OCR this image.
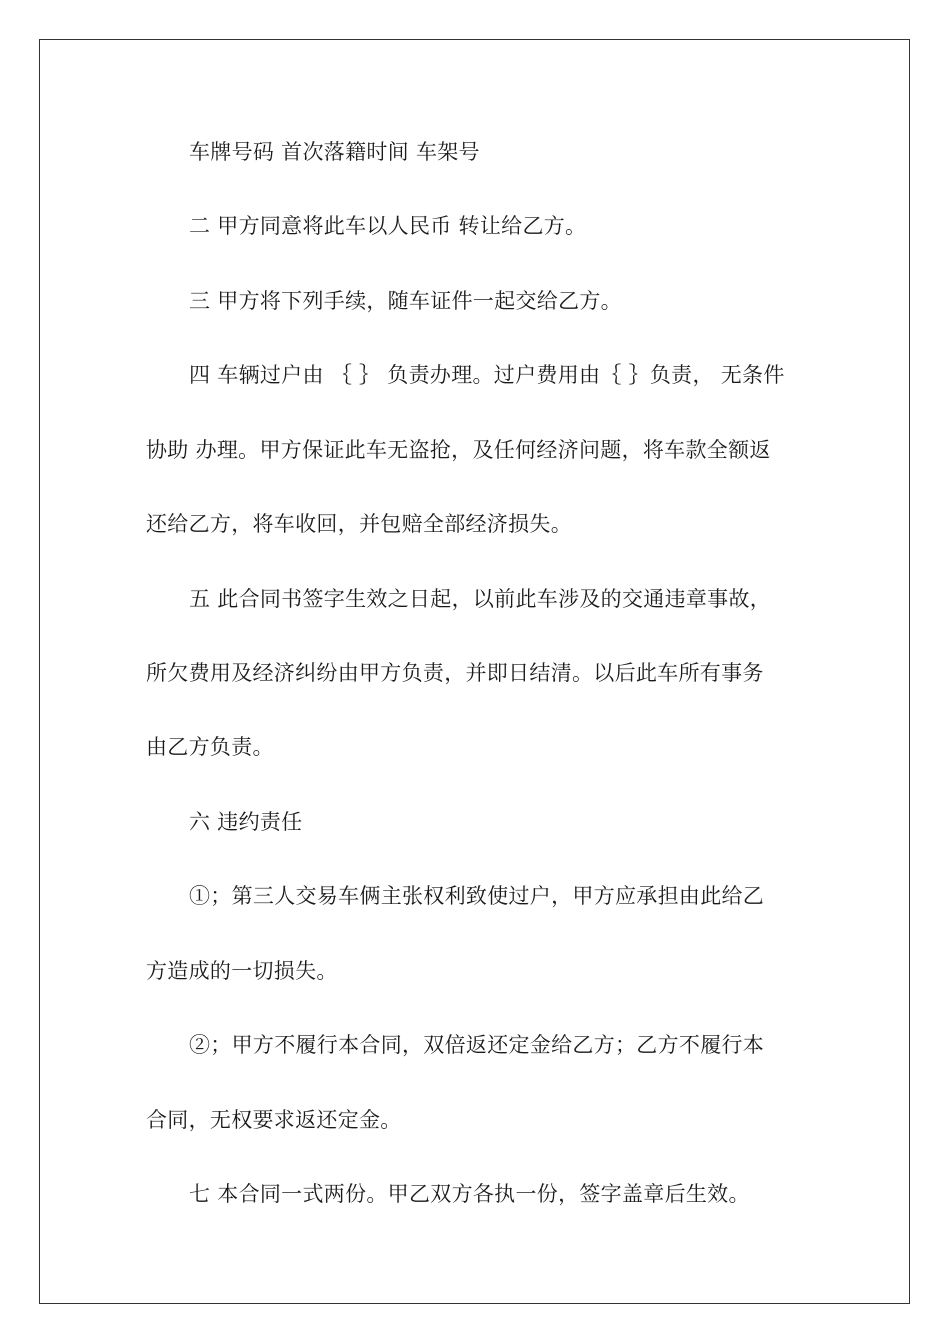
车牌号码 首次落籍时间 车架号
二 甲方同意将此车以人民币 转让给乙方。
三 甲方将下列手续，随车证件一起交给乙方。
四 车辆过户由 ｛ ｝ 负责办理。过户费用由｛ ｝负责， 无条件
协助 办理。甲方保证此车无盗抢，及任何经济问题，将车款全额返
还给乙方，将车收回，并包赔全部经济损失。
五 此合同书签字生效之日起，以前此车涉及的交通违章事故，
所欠费用及经济纠纷由甲方负责，并即日结清。以后此车所有事务
由乙方负责。
六 违约责任
①；第三人交易车俩主张权利致使过户，甲方应承担由此给乙
方造成的一切损失。
②；甲方不履行本合同，双倍返还定金给乙方；乙方不履行本
合同，无权要求返还定金。
七 本合同一式两份。甲乙双方各执一份，签字盖章后生效。
